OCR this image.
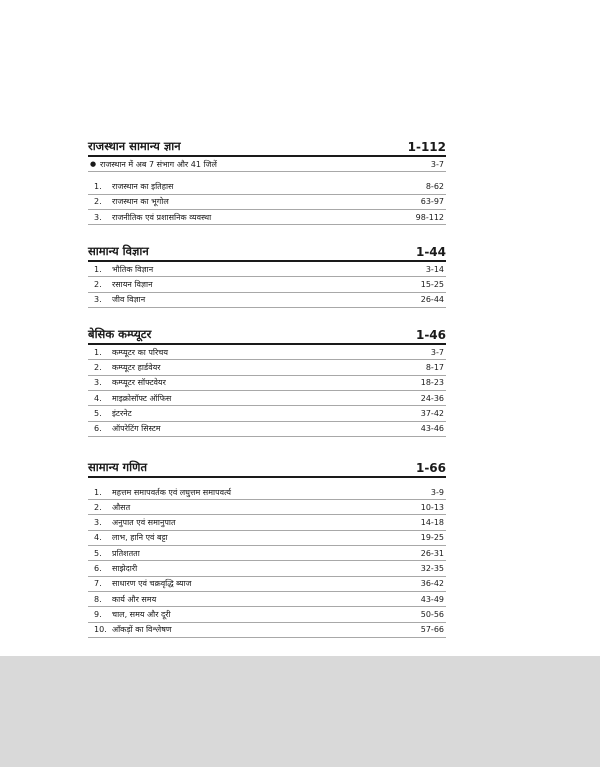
राजस्थान सामान्य ज्ञान	1-112
● राजस्थान में अब 7 संभाग और 41 जिलें	3-7
1.	राजस्थान का इतिहास	8-62
2.	राजस्थान का भूगोल	63-97
3.	राजनीतिक एवं प्रशासनिक व्यवस्था	98-112
सामान्य विज्ञान	1-44
1.	भौतिक विज्ञान	3-14
2.	रसायन विज्ञान	15-25
3.	जीव विज्ञान	26-44
बेसिक कम्प्यूटर	1-46
1.	कम्प्यूटर का परिचय	3-7
2.	कम्प्यूटर हार्डवेयर	8-17
3.	कम्प्यूटर सॉफ्टवेयर	18-23
4.	माइक्रोसॉफ्ट ऑफिस	24-36
5.	इंटरनेट	37-42
6.	ऑपरेटिंग सिस्टम	43-46
सामान्य गणित	1-66
1.	महत्तम समापवर्तक एवं लघुत्तम समापवर्त्य	3-9
2.	औसत	10-13
3.	अनुपात एवं समानुपात	14-18
4.	लाभ, हानि एवं बट्टा	19-25
5.	प्रतिशतता	26-31
6.	साझेदारी	32-35
7.	साधारण एवं चक्रवृद्धि ब्याज	36-42
8.	कार्य और समय	43-49
9.	चाल, समय और दूरी	50-56
10. आँकड़ों का विश्लेषण	57-66
